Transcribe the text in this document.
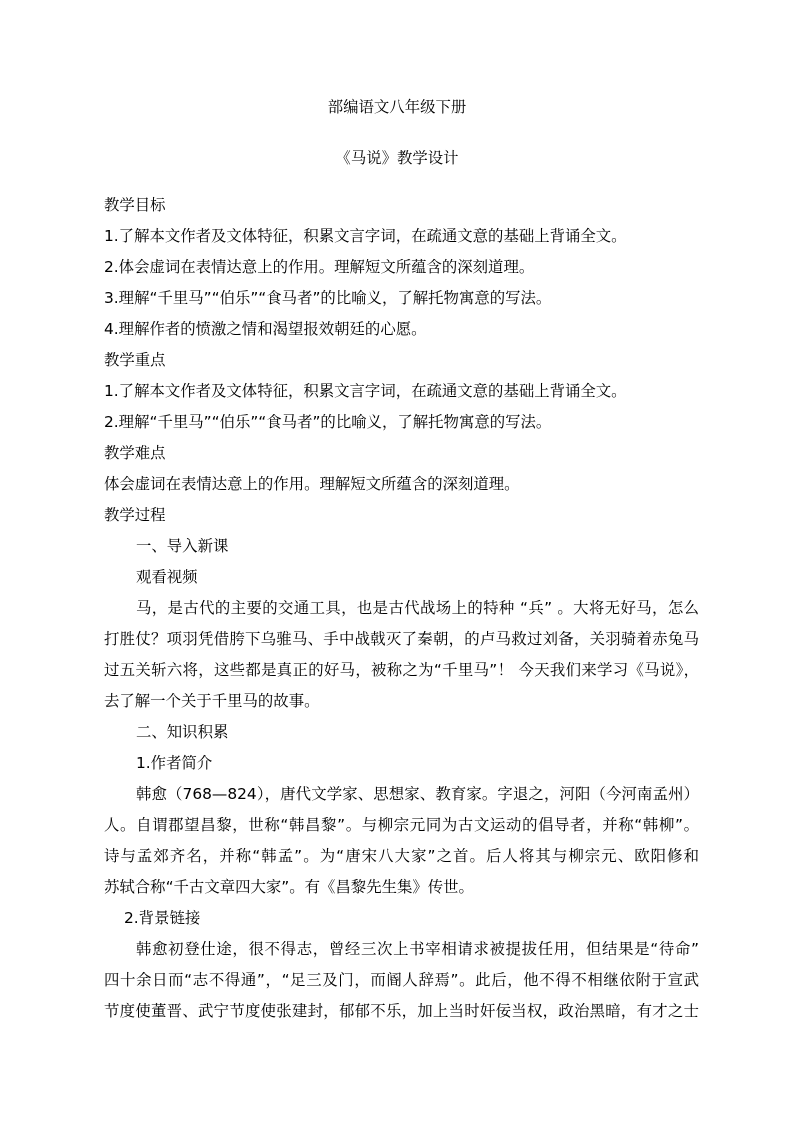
部编语文八年级下册
《马说》教学设计
教学目标
1.了解本文作者及文体特征，积累文言字词，在疏通文意的基础上背诵全文。
2.体会虚词在表情达意上的作用。理解短文所蕴含的深刻道理。
3.理解“千里马”“伯乐”“食马者”的比喻义，了解托物寓意的写法。
4.理解作者的愤激之情和渴望报效朝廷的心愿。
教学重点
1.了解本文作者及文体特征，积累文言字词，在疏通文意的基础上背诵全文。
2.理解“千里马”“伯乐”“食马者”的比喻义，了解托物寓意的写法。
教学难点
体会虚词在表情达意上的作用。理解短文所蕴含的深刻道理。
教学过程
一、导入新课
观看视频
马，是古代的主要的交通工具，也是古代战场上的特种 “兵” 。大将无好马，怎么
打胜仗？项羽凭借胯下乌骓马、手中战戟灭了秦朝，的卢马救过刘备，关羽骑着赤兔马
过五关斩六将，这些都是真正的好马，被称之为“千里马”！ 今天我们来学习《马说》，
去了解一个关于千里马的故事。
二、知识积累
1.作者简介
韩愈（768—824），唐代文学家、思想家、教育家。字退之，河阳（今河南孟州）
人。自谓郡望昌黎，世称“韩昌黎”。与柳宗元同为古文运动的倡导者，并称“韩柳”。
诗与孟郊齐名，并称“韩孟”。为“唐宋八大家”之首。后人将其与柳宗元、欧阳修和
苏轼合称“千古文章四大家”。有《昌黎先生集》传世。
2.背景链接
韩愈初登仕途，很不得志，曾经三次上书宰相请求被提拔任用，但结果是“待命”
四十余日而“志不得通”，“足三及门，而阍人辞焉”。此后，他不得不相继依附于宣武
节度使董晋、武宁节度使张建封，郁郁不乐，加上当时奸佞当权，政治黑暗，有才之士
